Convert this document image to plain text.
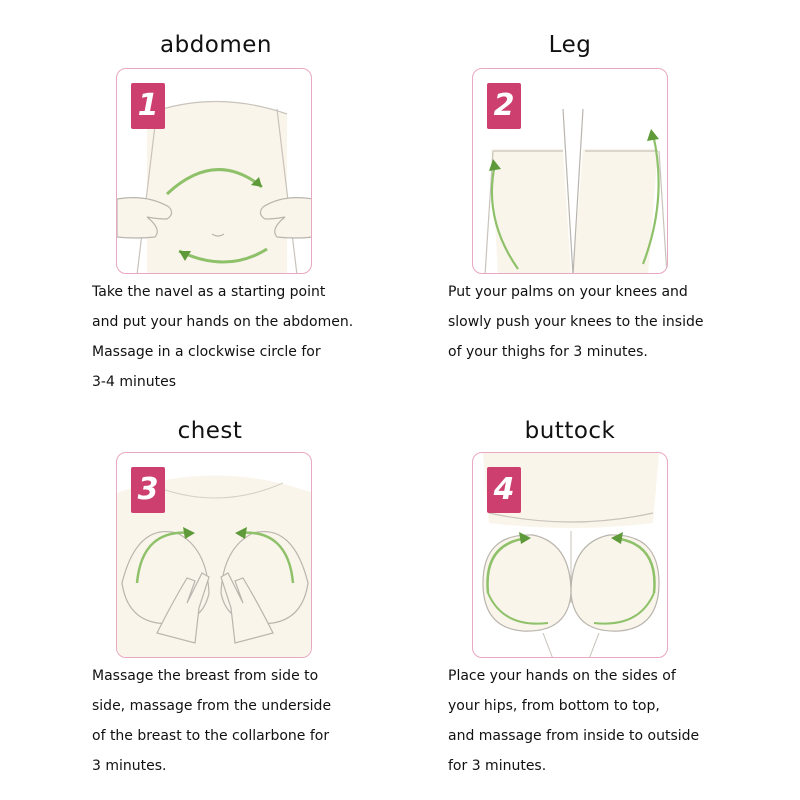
abdomen
1
Take the navel as a starting point
and put your hands on the abdomen.
Massage in a clockwise circle for
3-4 minutes
Leg
2
Put your palms on your knees and
slowly push your knees to the inside
of your thighs for 3 minutes.
chest
3
Massage the breast from side to
side, massage from the underside
of the breast to the collarbone for
3 minutes.
buttock
4
Place your hands on the sides of
your hips, from bottom to top,
and massage from inside to outside
for 3 minutes.
